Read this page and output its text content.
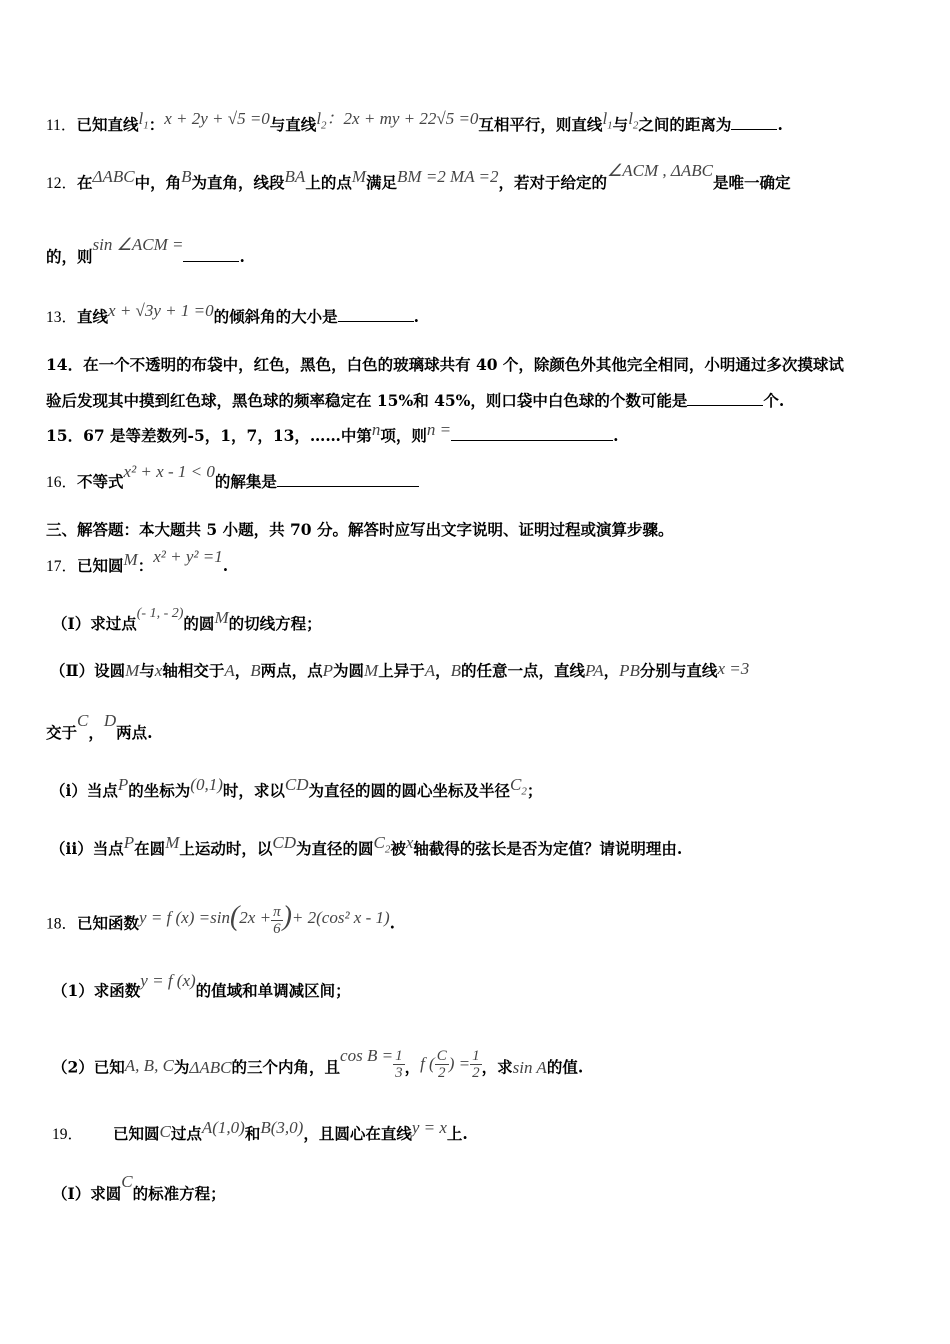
11．已知直线$l_1$：x + 2y + √5 =0与直线$l_2$：2x + my + 22√5 =0互相平行，则直线$l_1$与$l_2$之间的距离为	.
12．在ΔABC中，角B为直角，线段BA上的点M满足BM =2 MA =2，若对于给定的∠ACM , ΔABC是唯一确定
的，则sin ∠ACM =.
13．直线x + √3y + 1 =0的倾斜角的大小是	.
14．在一个不透明的布袋中，红色，黑色，白色的玻璃球共有 40 个，除颜色外其他完全相同，小明通过多次摸球试
验后发现其中摸到红色球，黑色球的频率稳定在 15%和 45%，则口袋中白色球的个数可能是	个.
15．67 是等差数列-5，1，7，13，……中第n项，则n =	.
16．不等式x² + x - 1 < 0的解集是
三、解答题：本大题共 5 小题，共 70 分。解答时应写出文字说明、证明过程或演算步骤。
17．已知圆M：x² + y² =1.
（Ⅰ）求过点(- 1, - 2)的圆M的切线方程；
（Ⅱ）设圆M与x轴相交于A，B两点，点P为圆M上异于A，B的任意一点，直线PA，PB分别与直线x =3
交于C，D两点.
（ⅰ）当点P的坐标为(0,1)时，求以CD为直径的圆的圆心坐标及半径$C_2$；
（ⅱ）当点P在圆M上运动时，以CD为直径的圆$C_2$被x轴截得的弦长是否为定值？请说明理由.
18．已知函数y = f $(x) =\sin(2x + \frac{\pi}{6}$ )+ 2(cos² x - 1).
（1）求函数y = f (x)的值域和单调减区间；
（2）已知A, B, C为ΔABC的三个内角，且$\cos B = \frac{1}{3}$ ，f ( $\frac{C}{2}$ ) = $\frac{1}{2}$ ，求sin A的值.
19． 已知圆C过点A(1,0)和B(3,0)，且圆心在直线y = x上.
（Ⅰ）求圆C的标准方程；
